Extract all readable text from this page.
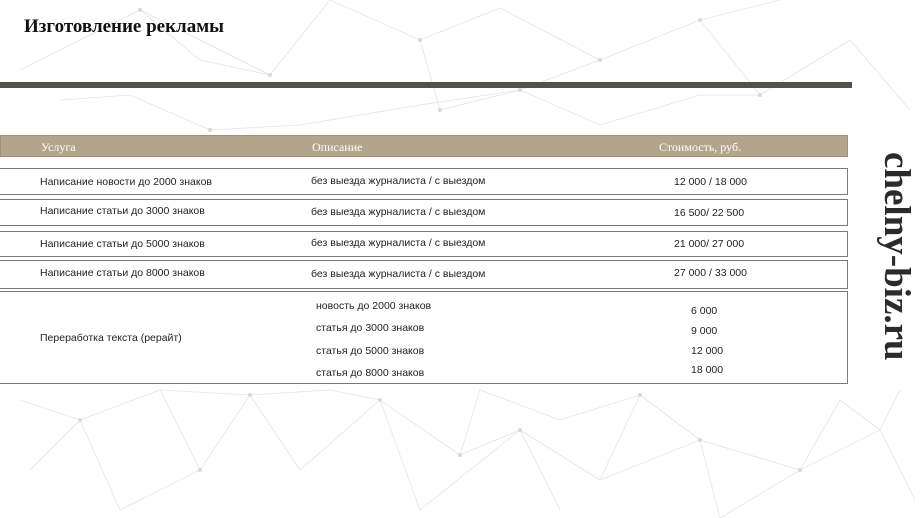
Изготовление рекламы
Услуга	Описание	Стоимость, руб.
Написание новости до 2000 знаков	без выезда журналиста / с выездом	12 000 / 18 000
Написание статьи до 3000 знаков	без выезда журналиста / с выездом	16 500/ 22 500
Написание статьи до 5000 знаков	без выезда журналиста / с выездом	21 000/ 27 000
Написание статьи до 8000 знаков	без выезда журналиста / с выездом	27 000 / 33 000
Переработка текста (рерайт)
новость до 2000 знаков	6 000
статья до 3000 знаков	9 000
статья до 5000 знаков	12 000
статья до 8000 знаков	18 000
chelny-biz.ru
